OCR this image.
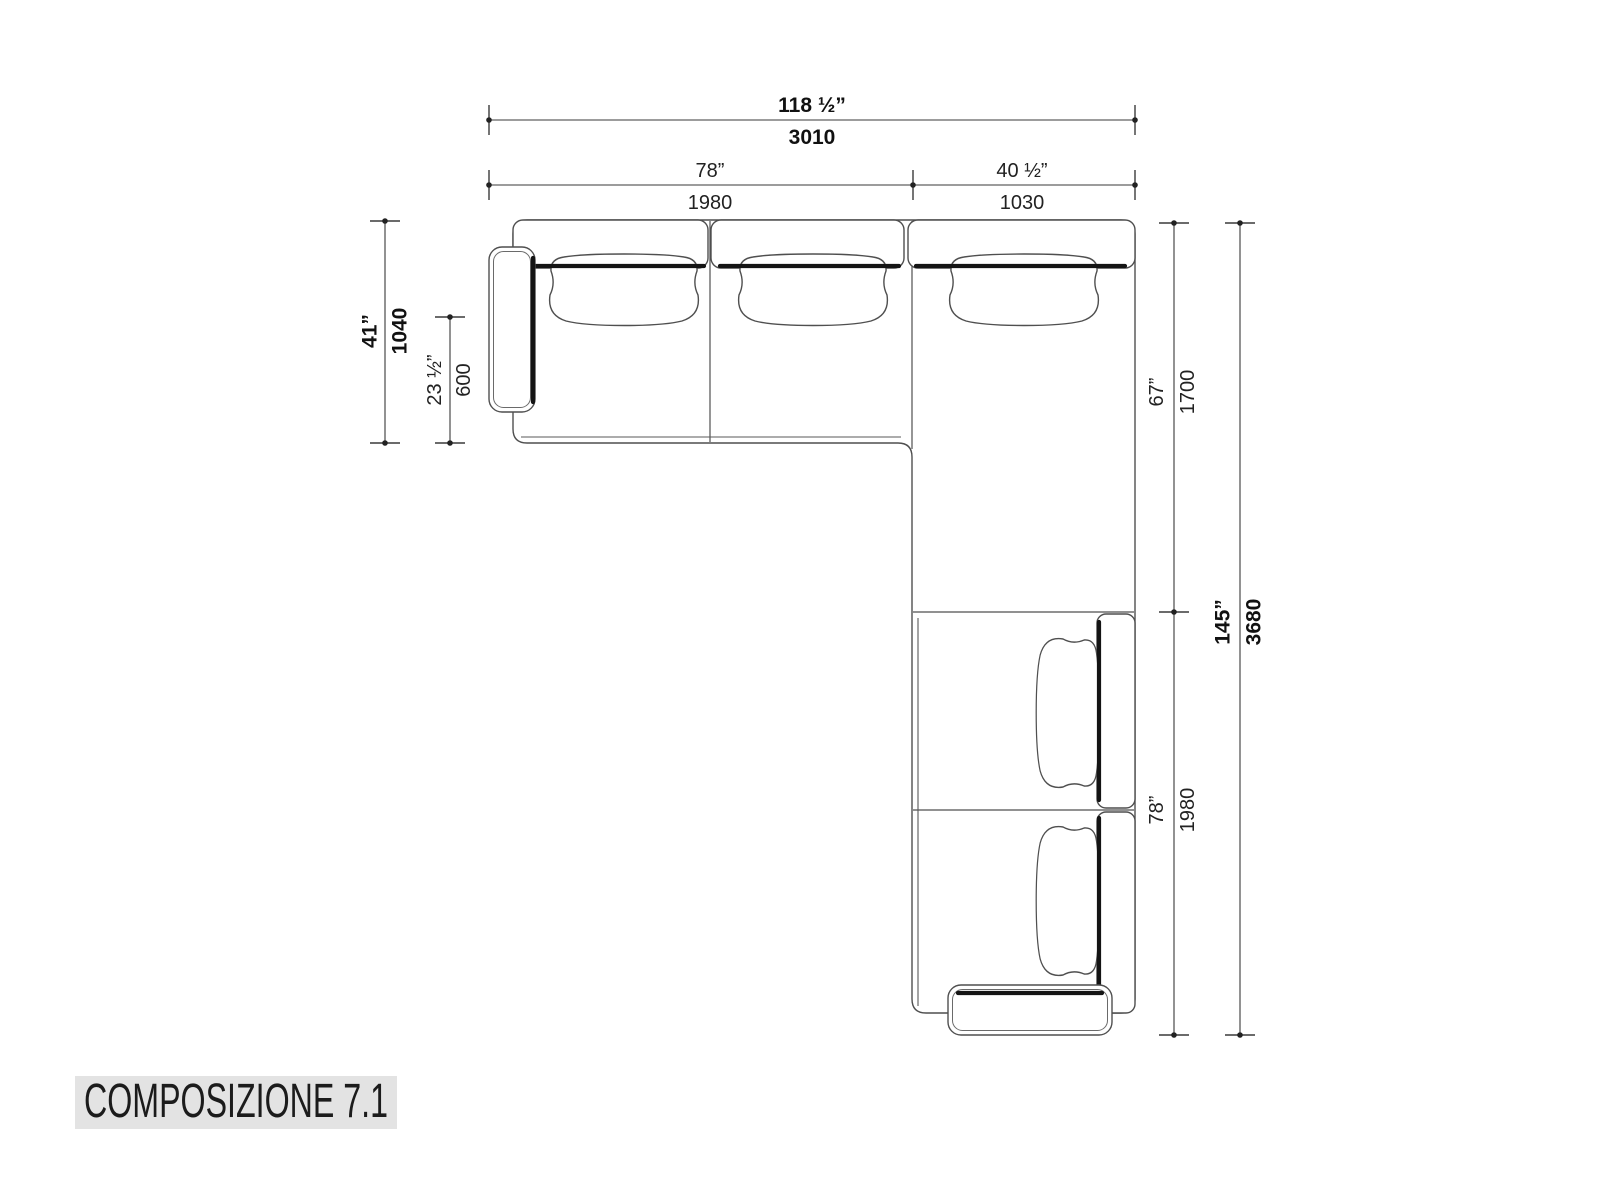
118 ½”
3010
78”
1980
40 ½”
1030
41” 1040
23 ½” 600	67” 1700
78” 1980
145” 3680
COMPOSIZIONE 7.1
